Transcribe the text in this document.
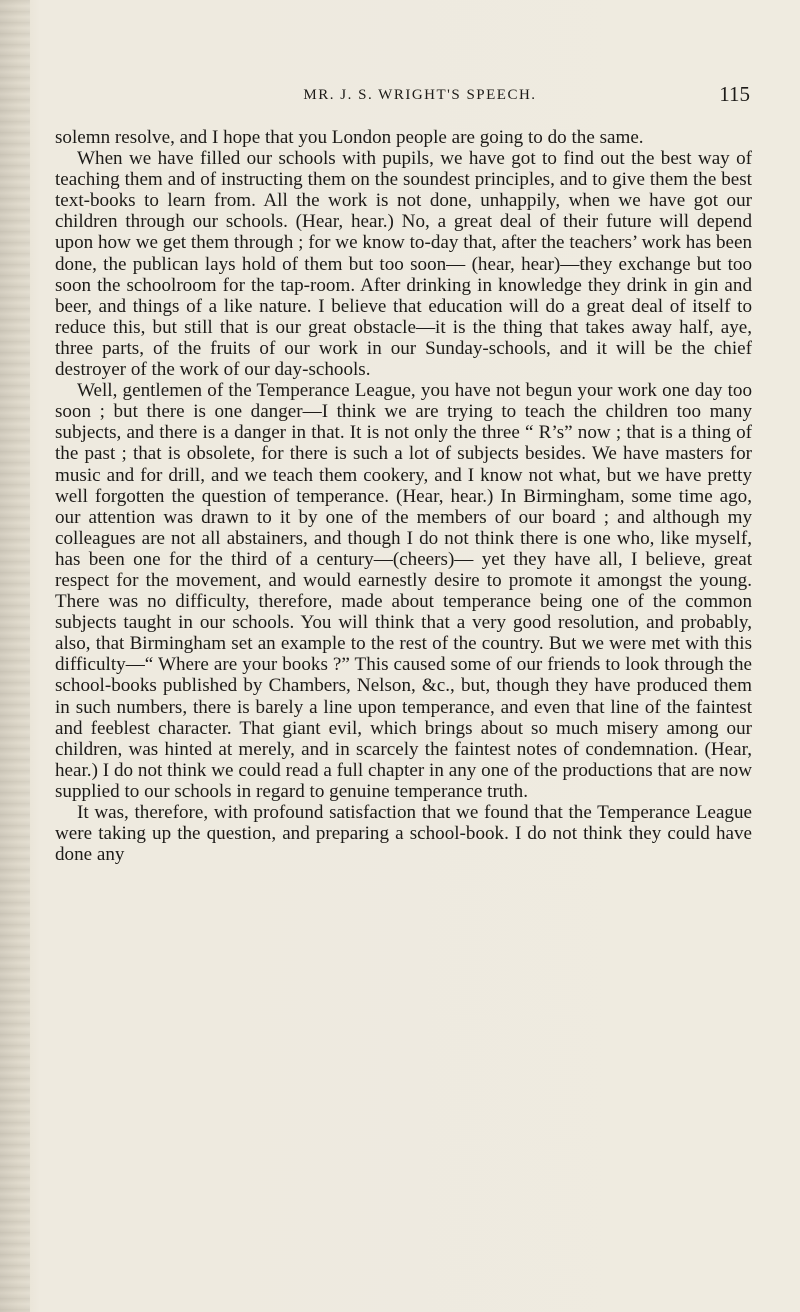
MR. J. S. WRIGHT'S SPEECH.	115

solemn resolve, and I hope that you London people are going to do the same.

When we have filled our schools with pupils, we have got to find out the best way of teaching them and of instructing them on the soundest principles, and to give them the best text-books to learn from. All the work is not done, unhappily, when we have got our children through our schools. (Hear, hear.) No, a great deal of their future will depend upon how we get them through ; for we know to-day that, after the teachers’ work has been done, the publican lays hold of them but too soon— (hear, hear)—they exchange but too soon the schoolroom for the tap-room. After drinking in knowledge they drink in gin and beer, and things of a like nature. I believe that education will do a great deal of itself to reduce this, but still that is our great obstacle—it is the thing that takes away half, aye, three parts, of the fruits of our work in our Sunday-schools, and it will be the chief destroyer of the work of our day-schools.

Well, gentlemen of the Temperance League, you have not begun your work one day too soon ; but there is one danger—I think we are trying to teach the children too many subjects, and there is a danger in that. It is not only the three “ R’s” now ; that is a thing of the past ; that is obsolete, for there is such a lot of subjects besides. We have masters for music and for drill, and we teach them cookery, and I know not what, but we have pretty well forgotten the question of temperance. (Hear, hear.) In Birmingham, some time ago, our attention was drawn to it by one of the members of our board ; and although my colleagues are not all abstainers, and though I do not think there is one who, like myself, has been one for the third of a century—(cheers)— yet they have all, I believe, great respect for the movement, and would earnestly desire to promote it amongst the young. There was no difficulty, therefore, made about temperance being one of the common subjects taught in our schools. You will think that a very good resolution, and probably, also, that Birmingham set an example to the rest of the country. But we were met with this difficulty—“ Where are your books ?” This caused some of our friends to look through the school-books published by Chambers, Nelson, &c., but, though they have produced them in such numbers, there is barely a line upon temperance, and even that line of the faintest and feeblest character. That giant evil, which brings about so much misery among our children, was hinted at merely, and in scarcely the faintest notes of condemnation. (Hear, hear.) I do not think we could read a full chapter in any one of the productions that are now supplied to our schools in regard to genuine temperance truth.

It was, therefore, with profound satisfaction that we found that the Temperance League were taking up the question, and preparing a school-book. I do not think they could have done any
